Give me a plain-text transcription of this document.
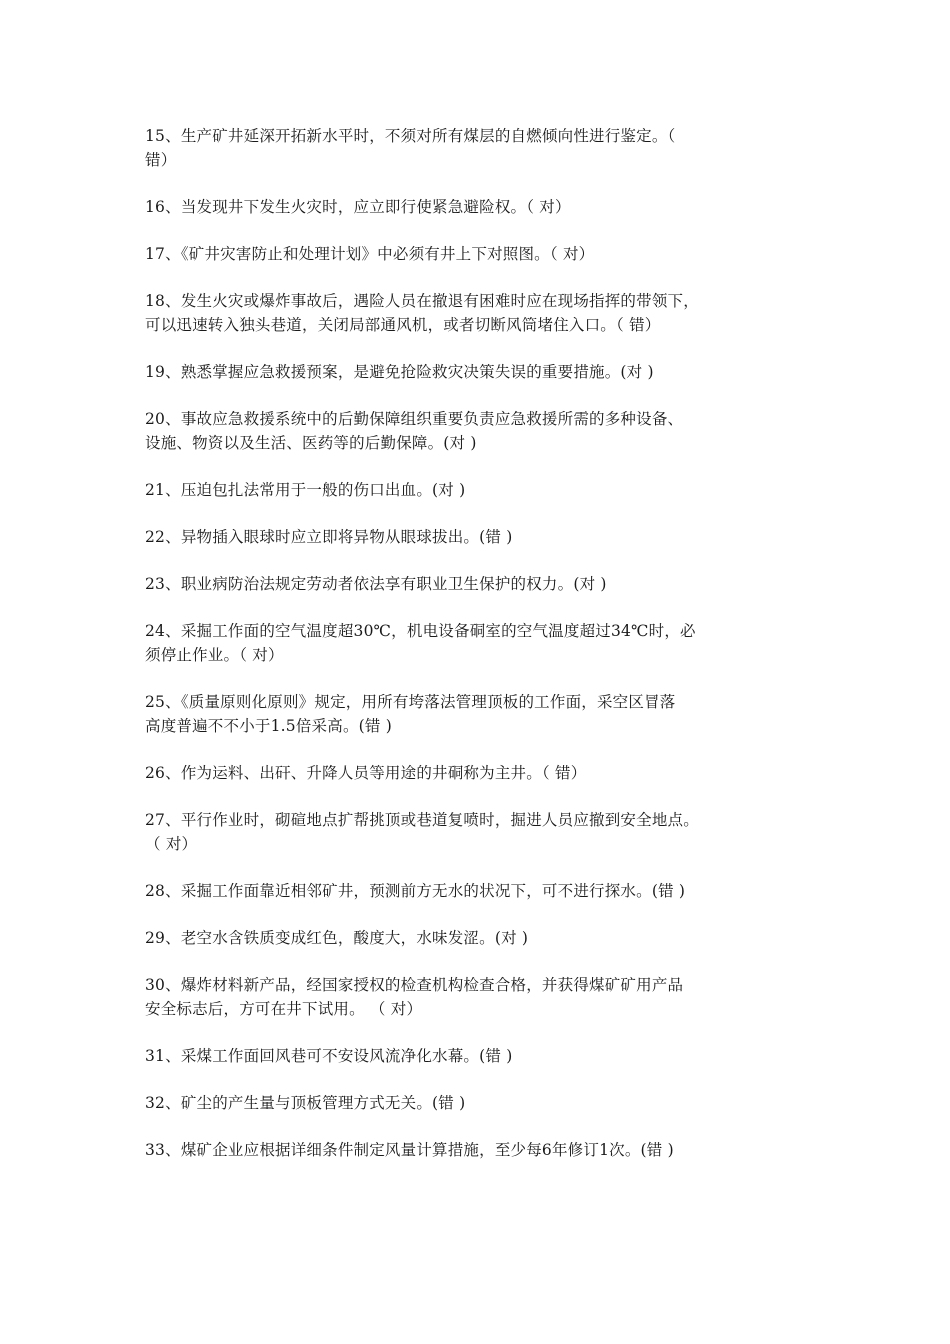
15、生产矿井延深开拓新水平时，不须对所有煤层的自燃倾向性进行鉴定。（
错）
16、当发现井下发生火灾时，应立即行使紧急避险权。（ 对）
17、《矿井灾害防止和处理计划》中必须有井上下对照图。（ 对）
18、发生火灾或爆炸事故后，遇险人员在撤退有困难时应在现场指挥的带领下，
可以迅速转入独头巷道，关闭局部通风机，或者切断风筒堵住入口。（ 错）
19、熟悉掌握应急救援预案，是避免抢险救灾决策失误的重要措施。(对 )
20、事故应急救援系统中的后勤保障组织重要负责应急救援所需的多种设备、
设施、物资以及生活、医药等的后勤保障。(对 )
21、压迫包扎法常用于一般的伤口出血。(对 )
22、异物插入眼球时应立即将异物从眼球拔出。(错 )
23、职业病防治法规定劳动者依法享有职业卫生保护的权力。(对 )
24、采掘工作面的空气温度超30℃，机电设备硐室的空气温度超过34℃时，必
须停止作业。（ 对）
25、《质量原则化原则》规定，用所有垮落法管理顶板的工作面，采空区冒落
高度普遍不不小于1.5倍采高。(错 )
26、作为运料、出矸、升降人员等用途的井硐称为主井。（ 错）
27、平行作业时，砌碹地点扩帮挑顶或巷道复喷时，掘进人员应撤到安全地点。
（ 对）
28、采掘工作面靠近相邻矿井，预测前方无水的状况下，可不进行探水。(错 )
29、老空水含铁质变成红色，酸度大，水味发涩。(对 )
30、爆炸材料新产品，经国家授权的检查机构检查合格，并获得煤矿矿用产品
安全标志后，方可在井下试用。 （ 对）
31、采煤工作面回风巷可不安设风流净化水幕。(错 )
32、矿尘的产生量与顶板管理方式无关。(错 )
33、煤矿企业应根据详细条件制定风量计算措施，至少每6年修订1次。(错 )
